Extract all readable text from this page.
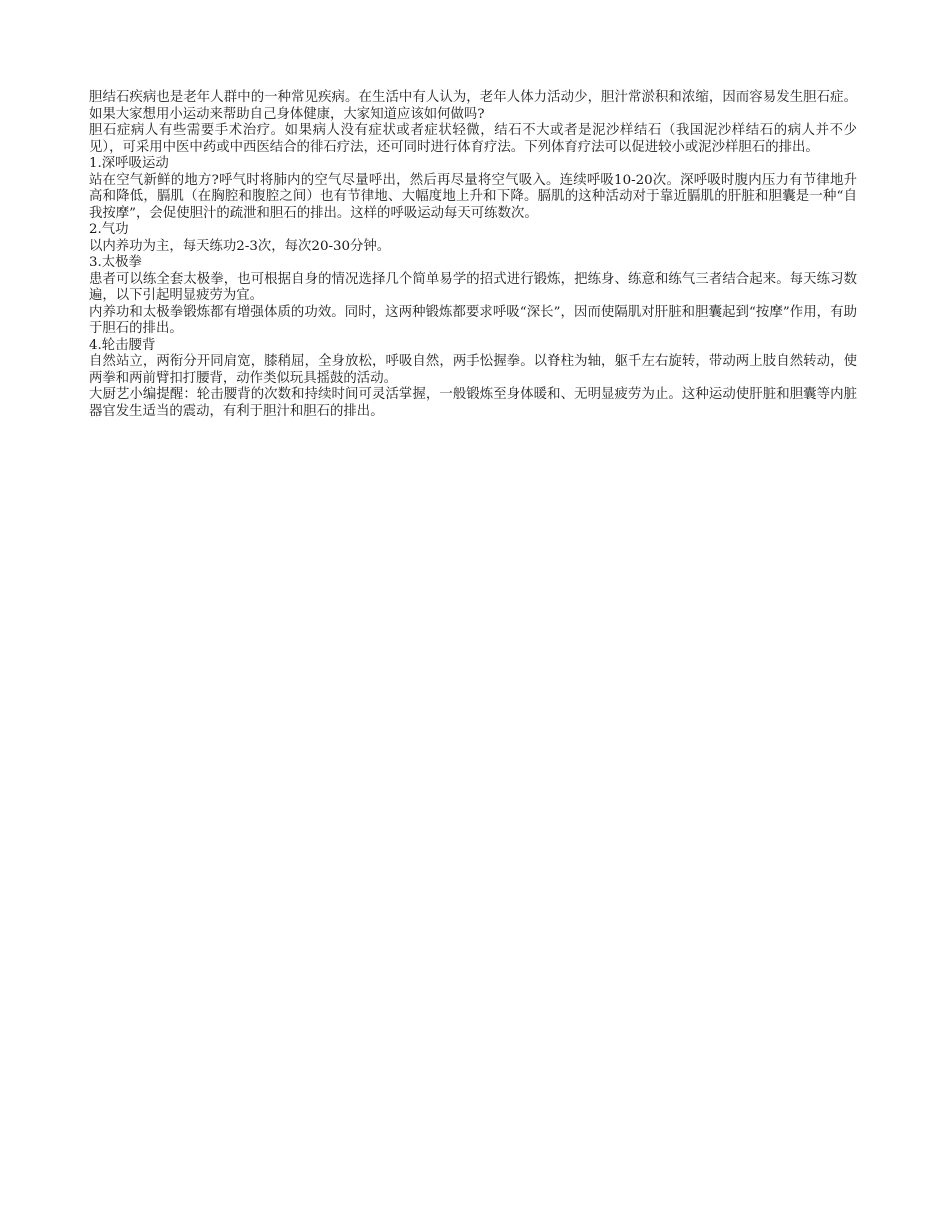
胆结石疾病也是老年人群中的一种常见疾病。在生活中有人认为，老年人体力活动少，胆汁常淤积和浓缩，因而容易发生胆石症。如果大家想用小运动来帮助自己身体健康，大家知道应该如何做吗?

胆石症病人有些需要手术治疗。如果病人没有症状或者症状轻微，结石不大或者是泥沙样结石（我国泥沙样结石的病人并不少见），可采用中医中药或中西医结合的徘石疗法，还可同时进行体育疗法。下列体育疗法可以促进较小或泥沙样胆石的排出。

1.深呼吸运动

站在空气新鲜的地方?呼气时将肺内的空气尽量呼出，然后再尽量将空气吸入。连续呼吸10-20次。深呼吸时腹内压力有节律地升高和降低，膈肌（在胸腔和腹腔之间）也有节律地、大幅度地上升和下降。膈肌的这种活动对于靠近膈肌的肝脏和胆囊是一种“自我按摩”，会促使胆汁的疏泄和胆石的排出。这样的呼吸运动每天可练数次。

2.气功

以内养功为主，每天练功2-3次，每次20-30分钟。

3.太极拳

患者可以练全套太极拳，也可根据自身的情况选择几个简单易学的招式进行锻炼，把练身、练意和练气三者结合起来。每天练习数遍，以下引起明显疲劳为宜。

内养功和太极拳锻炼都有增强体质的功效。同时，这两种锻炼都要求呼吸“深长”，因而使隔肌对肝脏和胆囊起到“按摩”作用，有助于胆石的排出。

4.轮击腰背

自然站立，两衔分开同肩宽，膝稍屈，全身放松，呼吸自然，两手忪握拳。以脊柱为轴，躯千左右旋转，带动两上肢自然转动，使两拳和两前臂扣打腰背，动作类似玩具摇鼓的活动。

大厨艺小编提醒：轮击腰背的次数和持续时间可灵活掌握，一般锻炼至身体暖和、无明显疲劳为止。这种运动使肝脏和胆囊等内脏器官发生适当的震动，有利于胆汁和胆石的排出。
